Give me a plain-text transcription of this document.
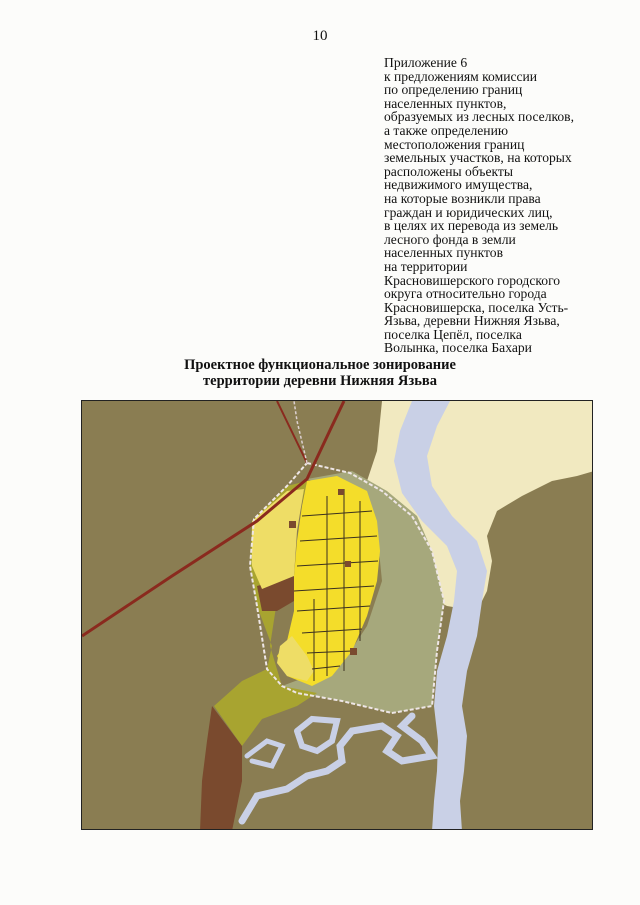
10
Приложение 6
к предложениям комиссии
по определению границ
населенных пунктов,
образуемых из лесных поселков,
а также определению
местоположения границ
земельных участков, на которых
расположены объекты
недвижимого имущества,
на которые возникли права
граждан и юридических лиц,
в целях их перевода из земель
лесного фонда в земли
населенных пунктов
на территории
Красновишерского городского
округа относительно города
Красновишерска, поселка Усть-
Язьва, деревни Нижняя Язьва,
поселка Цепёл, поселка
Волынка, поселка Бахари
Проектное функциональное зонирование
территории деревни Нижняя Язьва
